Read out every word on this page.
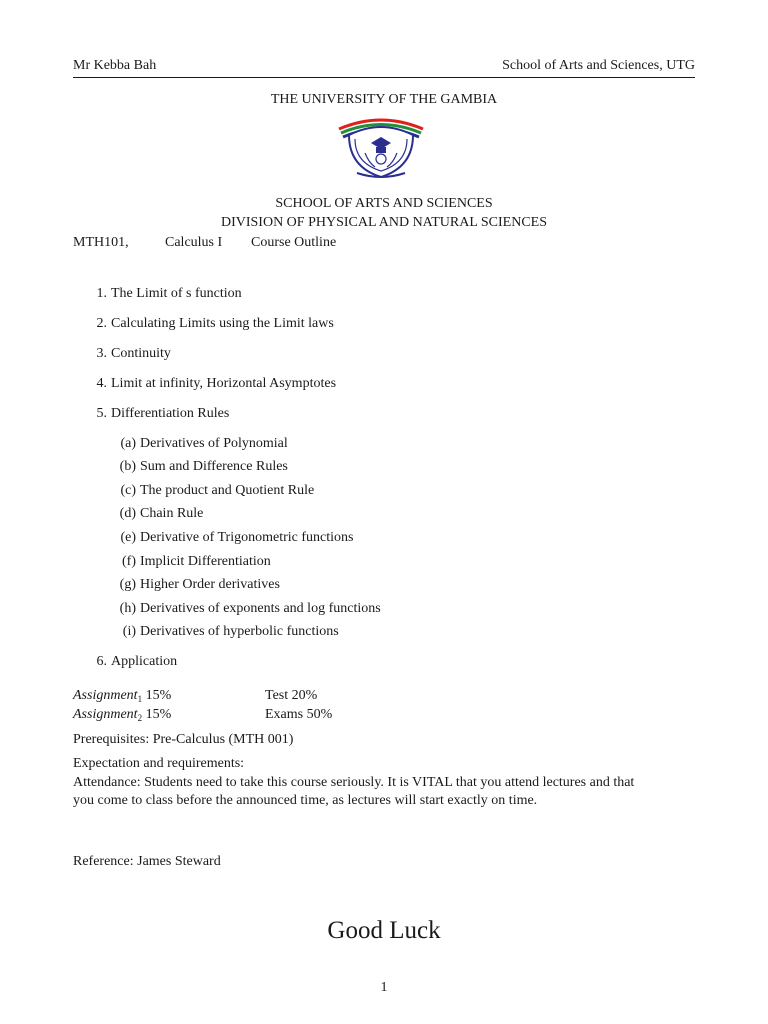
Mr Kebba Bah	School of Arts and Sciences, UTG
THE UNIVERSITY OF THE GAMBIA
SCHOOL OF ARTS AND SCIENCES
DIVISION OF PHYSICAL AND NATURAL SCIENCES
MTH101,	Calculus I Course Outline
1. The Limit of s function
2. Calculating Limits using the Limit laws
3. Continuity
4. Limit at infinity, Horizontal Asymptotes
5. Differentiation Rules
(a) Derivatives of Polynomial
(b) Sum and Difference Rules
(c) The product and Quotient Rule
(d) Chain Rule
(e) Derivative of Trigonometric functions
(f) Implicit Differentiation
(g) Higher Order derivatives
(h) Derivatives of exponents and log functions
(i) Derivatives of hyperbolic functions
6. Application
Assignment$_1$ 15%	Test 20%
Assignment$_2$ 15%	Exams 50%
Prerequisites: Pre-Calculus (MTH 001)
Expectation and requirements:
Attendance: Students need to take this course seriously. It is VITAL that you attend lectures and that
you come to class before the announced time, as lectures will start exactly on time.
Reference: James Steward
Good Luck
1
